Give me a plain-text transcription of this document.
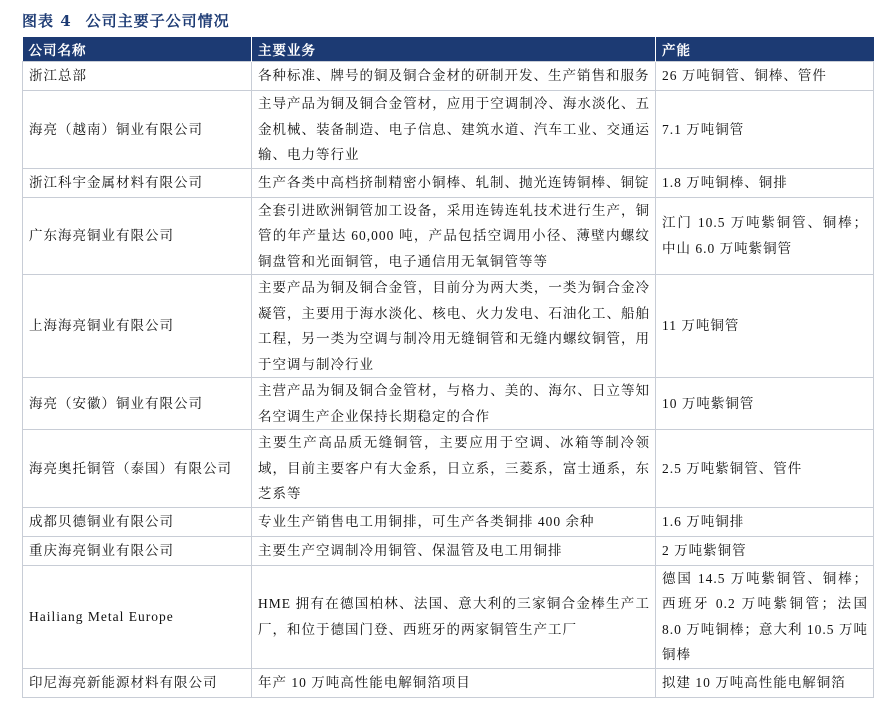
图表 4 公司主要子公司情况
公司名称	主要业务	产能
浙江总部	各种标准、牌号的铜及铜合金材的研制开发、生产销售和服务	26 万吨铜管、铜棒、管件
海亮（越南）铜业有限公司	主导产品为铜及铜合金管材，应用于空调制冷、海水淡化、五金机械、装备制造、电子信息、建筑水道、汽车工业、交通运输、电力等行业	7.1 万吨铜管
浙江科宇金属材料有限公司	生产各类中高档挤制精密小铜棒、轧制、抛光连铸铜棒、铜锭	1.8 万吨铜棒、铜排
广东海亮铜业有限公司	全套引进欧洲铜管加工设备，采用连铸连轧技术进行生产，铜管的年产量达 60,000 吨，产品包括空调用小径、薄壁内螺纹铜盘管和光面铜管，电子通信用无氧铜管等等	江门 10.5 万吨紫铜管、铜棒；中山 6.0 万吨紫铜管
上海海亮铜业有限公司	主要产品为铜及铜合金管，目前分为两大类，一类为铜合金冷凝管，主要用于海水淡化、核电、火力发电、石油化工、船舶工程，另一类为空调与制冷用无缝铜管和无缝内螺纹铜管，用于空调与制冷行业	11 万吨铜管
海亮（安徽）铜业有限公司	主营产品为铜及铜合金管材，与格力、美的、海尔、日立等知名空调生产企业保持长期稳定的合作	10 万吨紫铜管
海亮奥托铜管（泰国）有限公司	主要生产高品质无缝铜管，主要应用于空调、冰箱等制冷领域，目前主要客户有大金系，日立系，三菱系，富士通系，东芝系等	2.5 万吨紫铜管、管件
成都贝德铜业有限公司	专业生产销售电工用铜排，可生产各类铜排 400 余种	1.6 万吨铜排
重庆海亮铜业有限公司	主要生产空调制冷用铜管、保温管及电工用铜排	2 万吨紫铜管
Hailiang Metal Europe	HME 拥有在德国柏林、法国、意大利的三家铜合金棒生产工厂，和位于德国门登、西班牙的两家铜管生产工厂	德国 14.5 万吨紫铜管、铜棒；西班牙 0.2 万吨紫铜管；法国 8.0 万吨铜棒；意大利 10.5 万吨铜棒
印尼海亮新能源材料有限公司	年产 10 万吨高性能电解铜箔项目	拟建 10 万吨高性能电解铜箔
